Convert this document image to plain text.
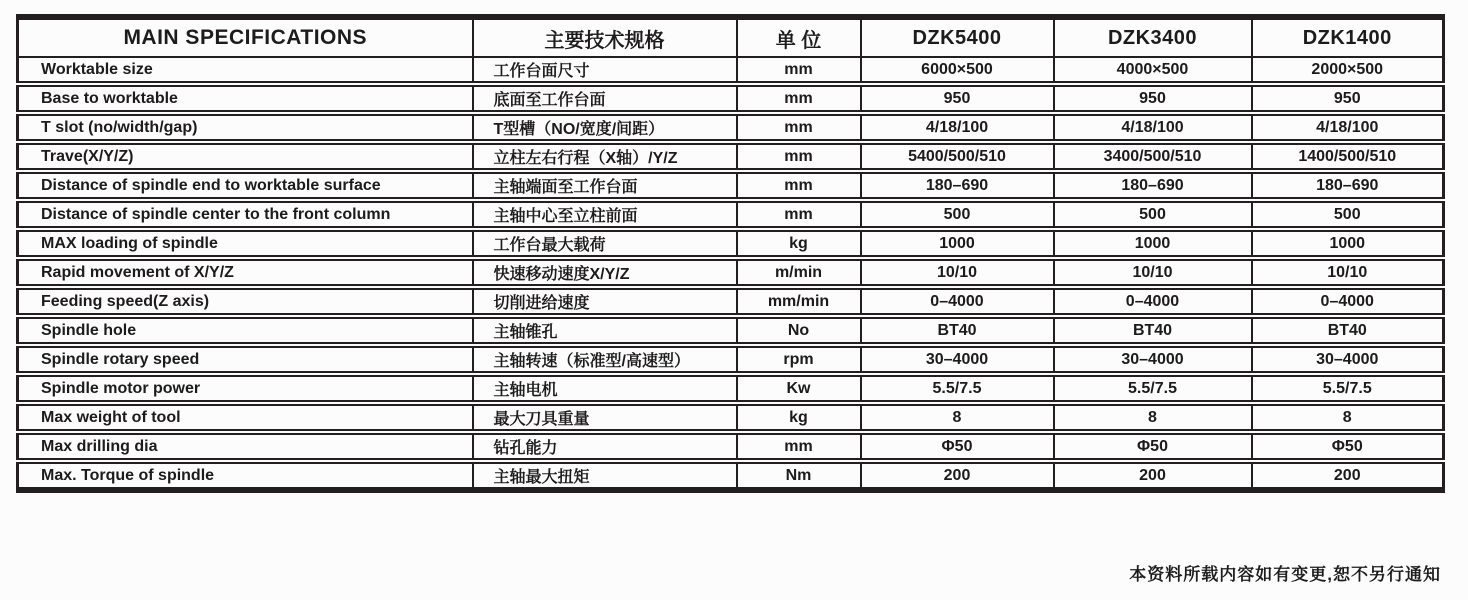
MAIN SPECIFICATIONS	主要技术规格	单 位	DZK5400	DZK3400	DZK1400
Worktable size	工作台面尺寸	mm	6000×500	4000×500	2000×500
Base to worktable	底面至工作台面	mm	950	950	950
T slot (no/width/gap)	T型槽（NO/宽度/间距）	mm	4/18/100	4/18/100	4/18/100
Trave(X/Y/Z)	立柱左右行程（X轴）/Y/Z	mm	5400/500/510	3400/500/510	1400/500/510
Distance of spindle end to worktable surface	主轴端面至工作台面	mm	180–690	180–690	180–690
Distance of spindle center to the front column	主轴中心至立柱前面	mm	500	500	500
MAX loading of spindle	工作台最大载荷	kg	1000	1000	1000
Rapid movement of X/Y/Z	快速移动速度X/Y/Z	m/min	10/10	10/10	10/10
Feeding speed(Z axis)	切削进给速度	mm/min	0–4000	0–4000	0–4000
Spindle hole	主轴锥孔	No	BT40	BT40	BT40
Spindle rotary speed	主轴转速（标准型/高速型）	rpm	30–4000	30–4000	30–4000
Spindle motor power	主轴电机	Kw	5.5/7.5	5.5/7.5	5.5/7.5
Max weight of tool	最大刀具重量	kg	8	8	8
Max drilling dia	钻孔能力	mm	Φ50	Φ50	Φ50
Max. Torque of spindle	主轴最大扭矩	Nm	200	200	200
本资料所载内容如有变更,恕不另行通知
